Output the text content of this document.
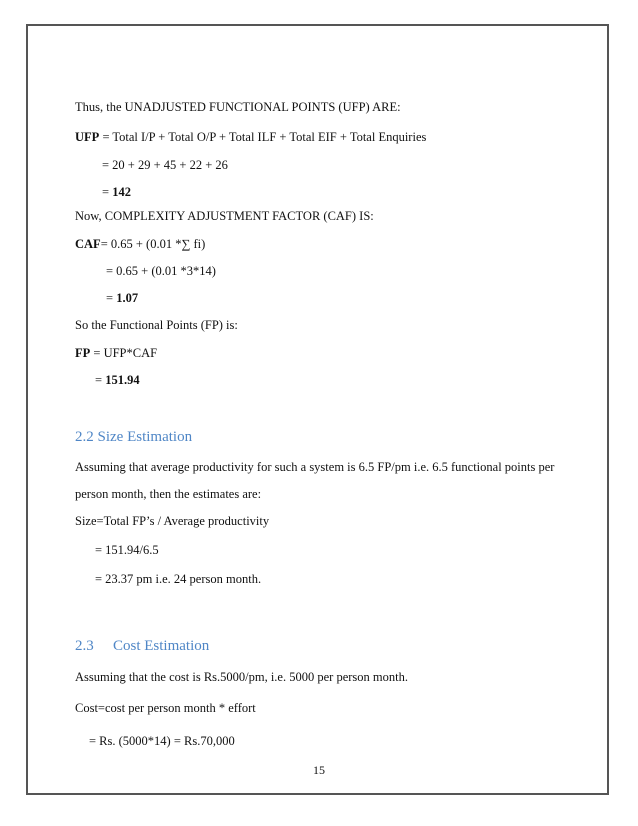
Thus, the UNADJUSTED FUNCTIONAL POINTS (UFP) ARE:
UFP = Total I/P + Total O/P + Total ILF + Total EIF + Total Enquiries
= 20 + 29 + 45 + 22 + 26
= 142
Now, COMPLEXITY ADJUSTMENT FACTOR (CAF) IS:
CAF= 0.65 + (0.01 *∑ fi)
= 0.65 + (0.01 *3*14)
= 1.07
So the Functional Points (FP) is:
FP = UFP*CAF
= 151.94
2.2 Size Estimation
Assuming that average productivity for such a system is 6.5 FP/pm i.e. 6.5 functional points per
person month, then the estimates are:
Size=Total FP’s / Average productivity
= 151.94/6.5
= 23.37 pm i.e. 24 person month.
2.3 Cost Estimation
Assuming that the cost is Rs.5000/pm, i.e. 5000 per person month.
Cost=cost per person month * effort
= Rs. (5000*14) = Rs.70,000
15
